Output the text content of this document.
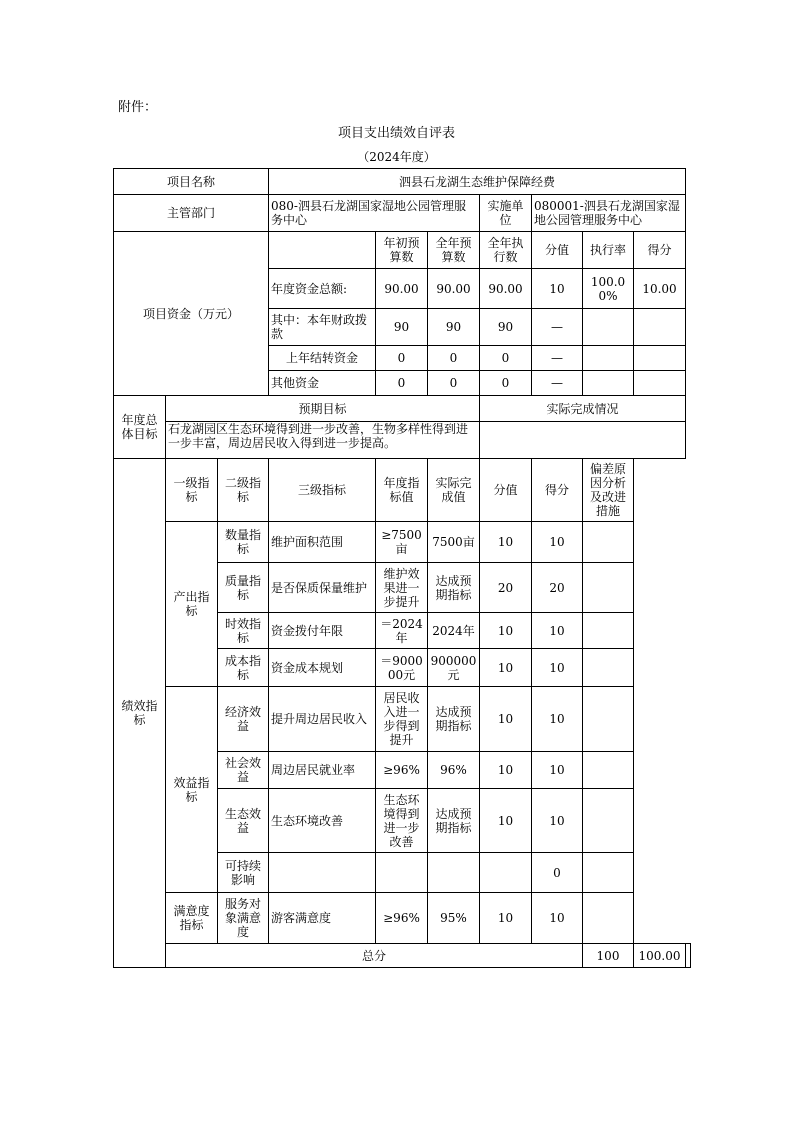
附件：
项目支出绩效自评表
（2024年度）
项目名称			泗县石龙湖生态维护保障经费							
主管部门			080-泗县石龙湖国家湿地公园管理服务中心			实施单位	080001-泗县石龙湖国家湿地公园管理服务中心			
项目资金（万元）				年初预算数	全年预算数	全年执行数	分值	执行率	得分	
			年度资金总额:	90.00	90.00	90.00	10	100.00%	10.00	
			其中：本年财政拨款	90	90	90	—			
			上年结转资金	0	0	0	—			
			其他资金	0	0	0	—			
年度总体目标	预期目标					实际完成情况				
	石龙湖园区生态环境得到进一步改善，生物多样性得到进一步丰富，周边居民收入得到进一步提高。									
绩效指标	一级指标	二级指标	三级指标	年度指标值	实际完成值	分值	得分	偏差原因分析及改进措施		
	产出指标	数量指标	维护面积范围	≥7500亩	7500亩	10	10			
		质量指标	是否保质保量维护	维护效果进一步提升	达成预期指标	20	20			
		时效指标	资金拨付年限	＝2024年	2024年	10	10			
		成本指标	资金成本规划	＝900000元	900000元	10	10			
	效益指标	经济效益	提升周边居民收入	居民收入进一步得到提升	达成预期指标	10	10			
		社会效益	周边居民就业率	≥96%	96%	10	10			
		生态效益	生态环境改善	生态环境得到进一步改善	达成预期指标	10	10			
		可持续影响					0			
	满意度指标	服务对象满意度	游客满意度	≥96%	95%	10	10			
	总分							100	100.00	
